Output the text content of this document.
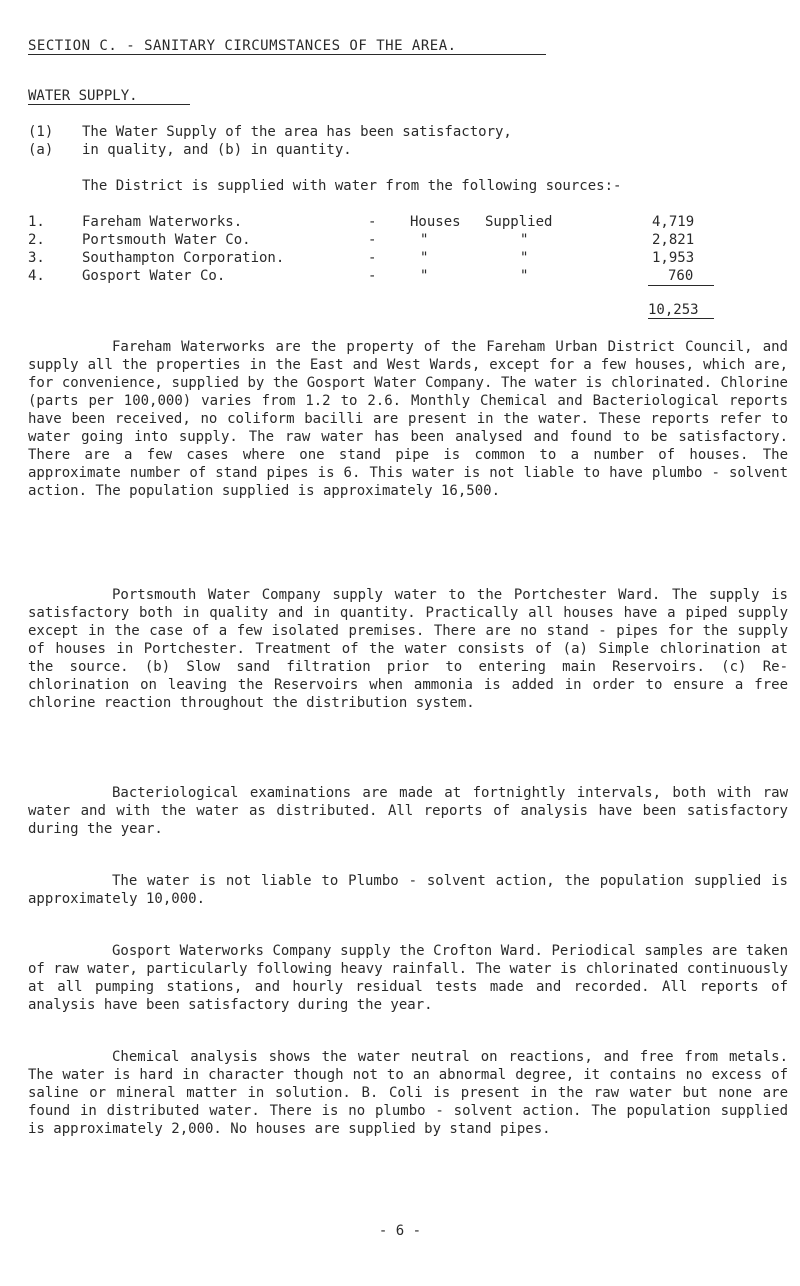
SECTION C. - SANITARY CIRCUMSTANCES OF THE AREA.
WATER SUPPLY.
(1) The Water Supply of the area has been satisfactory,
(a) in quality, and (b) in quantity.
The District is supplied with water from the following sources:-
1.	Fareham Waterworks.	- Houses Supplied	4,719
2.	Portsmouth Water Co.	-	"	"	2,821
3.	Southampton Corporation.	-	"	"	1,953
4.	Gosport Water Co.	-	"	"	760
10,253

Fareham Waterworks are the property of the Fareham Urban District Council, and supply all the properties in the East and West Wards, except for a few houses, which are, for convenience, supplied by the Gosport Water Company. The water is chlorinated. Chlorine (parts per 100,000) varies from 1.2 to 2.6. Monthly Chemical and Bacteriological reports have been received, no coliform bacilli are present in the water. These reports refer to water going into supply. The raw water has been analysed and found to be satisfactory. There are a few cases where one stand pipe is common to a number of houses. The approximate number of stand pipes is 6. This water is not liable to have plumbo - solvent action. The population supplied is approximately 16,500.

Portsmouth Water Company supply water to the Portchester Ward. The supply is satisfactory both in quality and in quantity. Practically all houses have a piped supply except in the case of a few isolated premises. There are no stand - pipes for the supply of houses in Portchester. Treatment of the water consists of (a) Simple chlorination at the source. (b) Slow sand filtration prior to entering main Reservoirs. (c) Re-chlorination on leaving the Reservoirs when ammonia is added in order to ensure a free chlorine reaction throughout the distribution system.

Bacteriological examinations are made at fortnightly intervals, both with raw water and with the water as distributed. All reports of analysis have been satisfactory during the year.

The water is not liable to Plumbo - solvent action, the population supplied is approximately 10,000.

Gosport Waterworks Company supply the Crofton Ward. Periodical samples are taken of raw water, particularly following heavy rainfall. The water is chlorinated continuously at all pumping stations, and hourly residual tests made and recorded. All reports of analysis have been satisfactory during the year.

Chemical analysis shows the water neutral on reactions, and free from metals. The water is hard in character though not to an abnormal degree, it contains no excess of saline or mineral matter in solution. B. Coli is present in the raw water but none are found in distributed water. There is no plumbo - solvent action. The population supplied is approximately 2,000. No houses are supplied by stand pipes.

- 6 -
